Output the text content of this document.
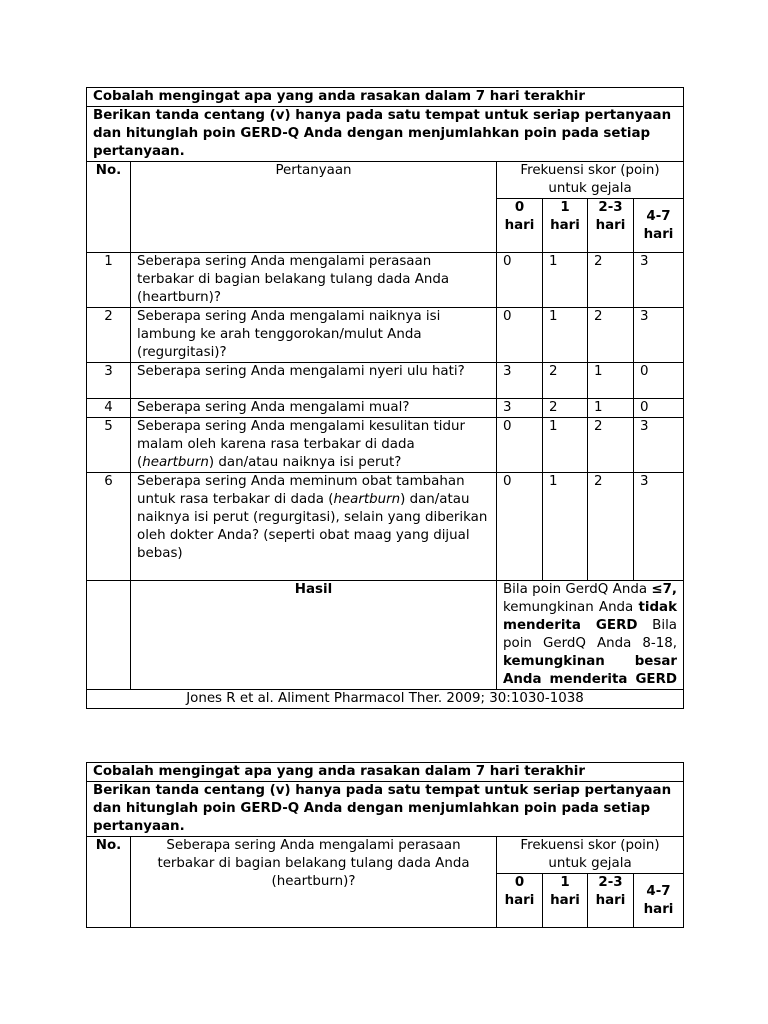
Cobalah mengingat apa yang anda rasakan dalam 7 hari terakhir					
Berikan tanda centang (v) hanya pada satu tempat untuk seriap pertanyaan dan hitunglah poin GERD-Q Anda dengan menjumlahkan poin pada setiap pertanyaan.					
No.	Pertanyaan	Frekuensi skor (poin) untuk gejala			
		0 hari	1 hari	2-3 hari	4-7 hari
1	Seberapa sering Anda mengalami perasaan terbakar di bagian belakang tulang dada Anda (heartburn)?	0	1	2	3
2	Seberapa sering Anda mengalami naiknya isi lambung ke arah tenggorokan/mulut Anda (regurgitasi)?	0	1	2	3
3	Seberapa sering Anda mengalami nyeri ulu hati?	3	2	1	0
4	Seberapa sering Anda mengalami mual?	3	2	1	0
5	Seberapa sering Anda mengalami kesulitan tidur malam oleh karena rasa terbakar di dada (heartburn) dan/atau naiknya isi perut?	0	1	2	3
6	Seberapa sering Anda meminum obat tambahan untuk rasa terbakar di dada (heartburn) dan/atau naiknya isi perut (regurgitasi), selain yang diberikan oleh dokter Anda? (seperti obat maag yang dijual bebas)	0	1	2	3
	Hasil	Bila poin GerdQ Anda ≤7, kemungkinan Anda tidak menderita GERD Bila poin GerdQ Anda 8-18, kemungkinan besar Anda menderita GERD			
Jones R et al. Aliment Pharmacol Ther. 2009; 30:1030-1038					
Cobalah mengingat apa yang anda rasakan dalam 7 hari terakhir					
Berikan tanda centang (v) hanya pada satu tempat untuk seriap pertanyaan dan hitunglah poin GERD-Q Anda dengan menjumlahkan poin pada setiap pertanyaan.					
No.	Seberapa sering Anda mengalami perasaan terbakar di bagian belakang tulang dada Anda (heartburn)?	Frekuensi skor (poin) untuk gejala			
		0 hari	1 hari	2-3 hari	4-7 hari
